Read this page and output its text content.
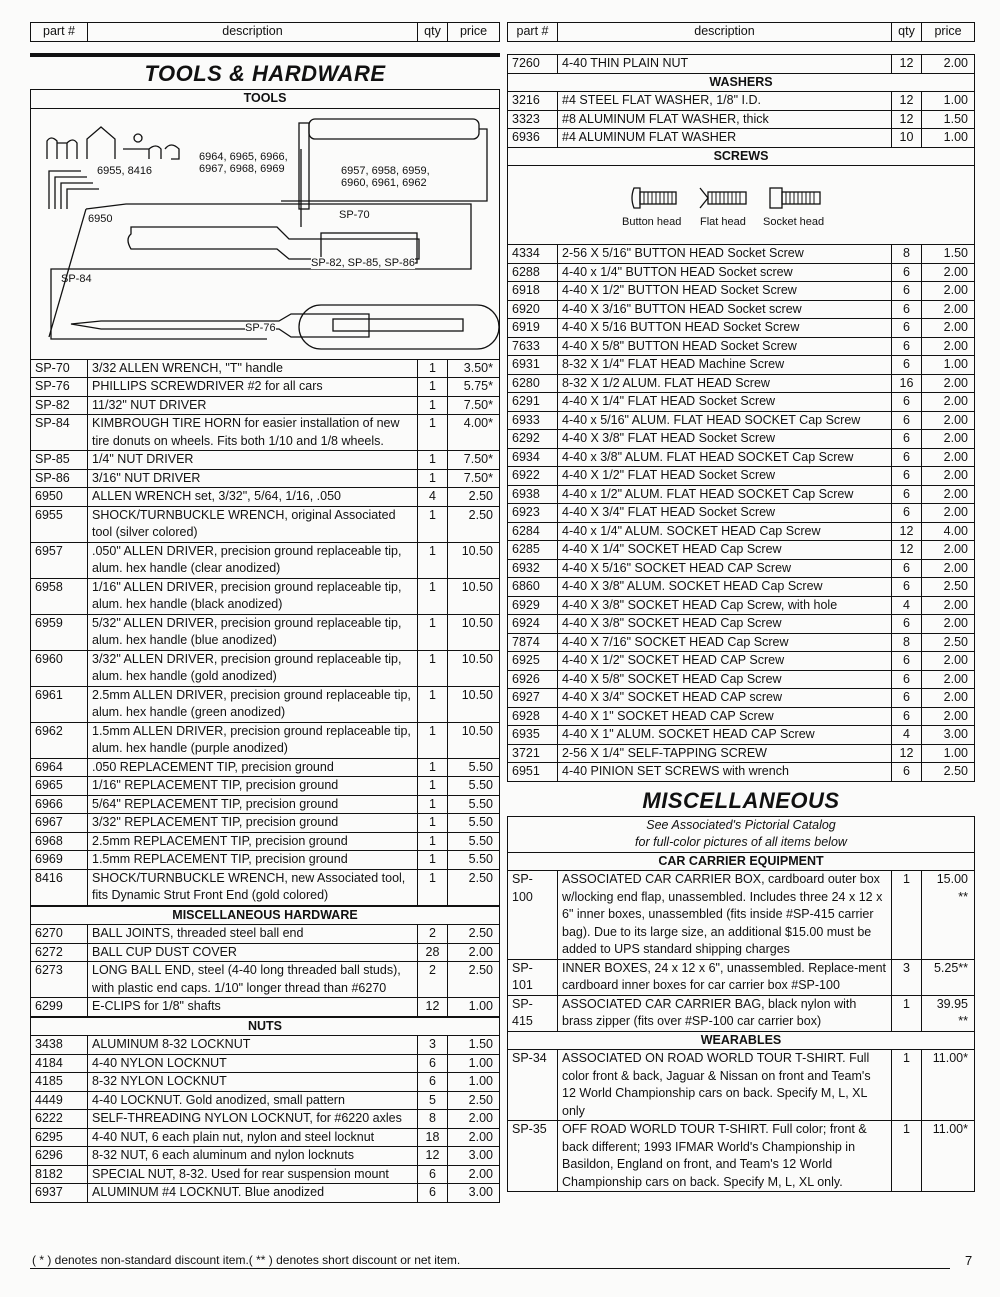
part #	description	qty	price
TOOLS & HARDWARE
TOOLS
6955, 8416
6964, 6965, 6966,
6967, 6968, 6969	6957, 6958, 6959,
6960, 6961, 6962
6950	SP-70
SP-82, SP-85, SP-86
SP-84
SP-76
SP-70	3/32 ALLEN WRENCH, "T" handle	1	3.50*
SP-76	PHILLIPS SCREWDRIVER #2 for all cars	1	5.75*
SP-82	11/32" NUT DRIVER	1	7.50*
SP-84	KIMBROUGH TIRE HORN for easier installation of new tire donuts on wheels. Fits both 1/10 and 1/8 wheels.	1	4.00*
SP-85	1/4" NUT DRIVER	1	7.50*
SP-86	3/16" NUT DRIVER	1	7.50*
6950	ALLEN WRENCH set, 3/32", 5/64, 1/16, .050	4	2.50
6955	SHOCK/TURNBUCKLE WRENCH, original Associated tool (silver colored)	1	2.50
6957	.050" ALLEN DRIVER, precision ground replaceable tip, alum. hex handle (clear anodized)	1	10.50
6958	1/16" ALLEN DRIVER, precision ground replaceable tip, alum. hex handle (black anodized)	1	10.50
6959	5/32" ALLEN DRIVER, precision ground replaceable tip, alum. hex handle (blue anodized)	1	10.50
6960	3/32" ALLEN DRIVER, precision ground replaceable tip, alum. hex handle (gold anodized)	1	10.50
6961	2.5mm ALLEN DRIVER, precision ground replaceable tip, alum. hex handle (green anodized)	1	10.50
6962	1.5mm ALLEN DRIVER, precision ground replaceable tip, alum. hex handle (purple anodized)	1	10.50
6964	.050 REPLACEMENT TIP, precision ground	1	5.50
6965	1/16" REPLACEMENT TIP, precision ground	1	5.50
6966	5/64" REPLACEMENT TIP, precision ground	1	5.50
6967	3/32" REPLACEMENT TIP, precision ground	1	5.50
6968	2.5mm REPLACEMENT TIP, precision ground	1	5.50
6969	1.5mm REPLACEMENT TIP, precision ground	1	5.50
8416	SHOCK/TURNBUCKLE WRENCH, new Associated tool, fits Dynamic Strut Front End (gold colored)	1	2.50
MISCELLANEOUS HARDWARE			
6270	BALL JOINTS, threaded steel ball end	2	2.50
6272	BALL CUP DUST COVER	28	2.00
6273	LONG BALL END, steel (4-40 long threaded ball studs), with plastic end caps. 1/10" longer thread than #6270	2	2.50
6299	E-CLIPS for 1/8" shafts	12	1.00
NUTS			
3438	ALUMINUM 8-32 LOCKNUT	3	1.50
4184	4-40 NYLON LOCKNUT	6	1.00
4185	8-32 NYLON LOCKNUT	6	1.00
4449	4-40 LOCKNUT. Gold anodized, small pattern	5	2.50
6222	SELF-THREADING NYLON LOCKNUT, for #6220 axles	8	2.00
6295	4-40 NUT, 6 each plain nut, nylon and steel locknut	18	2.00
6296	8-32 NUT, 6 each aluminum and nylon locknuts	12	3.00
8182	SPECIAL NUT, 8-32. Used for rear suspension mount	6	2.00
6937	ALUMINUM #4 LOCKNUT. Blue anodized	6	3.00
part #	description	qty	price
7260	4-40 THIN PLAIN NUT	12	2.00
WASHERS			
3216	#4 STEEL FLAT WASHER, 1/8" I.D.	12	1.00
3323	#8 ALUMINUM FLAT WASHER, thick	12	1.50
6936	#4 ALUMINUM FLAT WASHER	10	1.00
SCREWS			
Button head Flat head Socket head
4334	2-56 X 5/16" BUTTON HEAD Socket Screw	8	1.50
6288	4-40 x 1/4" BUTTON HEAD Socket screw	6	2.00
6918	4-40 X 1/2" BUTTON HEAD Socket Screw	6	2.00
6920	4-40 X 3/16" BUTTON HEAD Socket screw	6	2.00
6919	4-40 X 5/16 BUTTON HEAD Socket Screw	6	2.00
7633	4-40 X 5/8" BUTTON HEAD Socket Screw	6	2.00
6931	8-32 X 1/4" FLAT HEAD Machine Screw	6	1.00
6280	8-32 X 1/2 ALUM. FLAT HEAD Screw	16	2.00
6291	4-40 X 1/4" FLAT HEAD Socket Screw	6	2.00
6933	4-40 x 5/16" ALUM. FLAT HEAD SOCKET Cap Screw	6	2.00
6292	4-40 X 3/8" FLAT HEAD Socket Screw	6	2.00
6934	4-40 x 3/8" ALUM. FLAT HEAD SOCKET Cap Screw	6	2.00
6922	4-40 X 1/2" FLAT HEAD Socket Screw	6	2.00
6938	4-40 x 1/2" ALUM. FLAT HEAD SOCKET Cap Screw	6	2.00
6923	4-40 X 3/4" FLAT HEAD Socket Screw	6	2.00
6284	4-40 x 1/4" ALUM. SOCKET HEAD Cap Screw	12	4.00
6285	4-40 X 1/4" SOCKET HEAD Cap Screw	12	2.00
6932	4-40 X 5/16" SOCKET HEAD CAP Screw	6	2.00
6860	4-40 X 3/8" ALUM. SOCKET HEAD Cap Screw	6	2.50
6929	4-40 X 3/8" SOCKET HEAD Cap Screw, with hole	4	2.00
6924	4-40 X 3/8" SOCKET HEAD Cap Screw	6	2.00
7874	4-40 X 7/16" SOCKET HEAD Cap Screw	8	2.50
6925	4-40 X 1/2" SOCKET HEAD CAP Screw	6	2.00
6926	4-40 X 5/8" SOCKET HEAD Cap Screw	6	2.00
6927	4-40 X 3/4" SOCKET HEAD CAP screw	6	2.00
6928	4-40 X 1" SOCKET HEAD CAP Screw	6	2.00
6935	4-40 X 1" ALUM. SOCKET HEAD CAP Screw	4	3.00
3721	2-56 X 1/4" SELF-TAPPING SCREW	12	1.00
6951	4-40 PINION SET SCREWS with wrench	6	2.50
MISCELLANEOUS
See Associated's Pictorial Catalog			
for full-color pictures of all items below			
CAR CARRIER EQUIPMENT			
SP-100	ASSOCIATED CAR CARRIER BOX, cardboard outer box w/locking end flap, unassembled. Includes three 24 x 12 x 6" inner boxes, unassembled (fits inside #SP-415 carrier bag). Due to its large size, an additional $15.00 must be added to UPS standard shipping charges	1	15.00 **
SP-101	INNER BOXES, 24 x 12 x 6", unassembled. Replace-ment cardboard inner boxes for car carrier box #SP-100	3	5.25**
SP-415	ASSOCIATED CAR CARRIER BAG, black nylon with brass zipper (fits over #SP-100 car carrier box)	1	39.95 **
WEARABLES			
SP-34	ASSOCIATED ON ROAD WORLD TOUR T-SHIRT. Full color front & back, Jaguar & Nissan on front and Team's 12 World Championship cars on back. Specify M, L, XL only	1	11.00*
SP-35	OFF ROAD WORLD TOUR T-SHIRT. Full color; front & back different; 1993 IFMAR World's Championship in Basildon, England on front, and Team's 12 World Championship cars on back. Specify M, L, XL only.	1	11.00*
( * ) denotes non-standard discount item.( ** ) denotes short discount or net item.	7
